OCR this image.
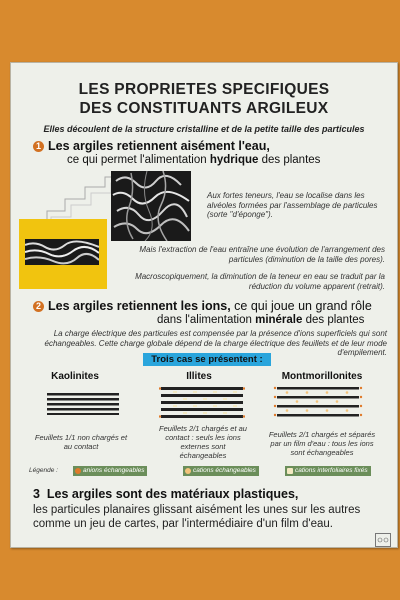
LES PROPRIETES SPECIFIQUES
DES CONSTITUANTS ARGILEUX
Elles découlent de la structure cristalline et de la petite taille des particules
1 Les argiles retiennent aisément l'eau,
ce qui permet l'alimentation hydrique des plantes
Aux fortes teneurs, l'eau se localise dans les alvéoles formées par l'assemblage de particules (sorte "d'éponge").
Mais l'extraction de l'eau entraîne une évolution de l'arrangement des particules (diminution de la taille des pores).
Macroscopiquement, la diminution de la teneur en eau se traduit par la réduction du volume apparent (retrait).
2 Les argiles retiennent les ions, ce qui joue un grand rôle
dans l'alimentation minérale des plantes
La charge électrique des particules est compensée par la présence d'ions superficiels qui sont échangeables. Cette charge globale dépend de la charge électrique des feuillets et de leur mode d'empilement.
Trois cas se présentent :
Kaolinites	Illites	Montmorillonites
Feuillets 1/1 non chargés et au contact
Feuillets 2/1 chargés et au contact : seuls les ions externes sont échangeables
Feuillets 2/1 chargés et séparés par un film d'eau : tous les ions sont échangeables
Légende :	anions échangeables	cations échangeables	cations interfoliaires fixés
3 Les argiles sont des matériaux plastiques,
les particules planaires glissant aisément les unes sur les autres comme un jeu de cartes, par l'intermédiaire d'un film d'eau.
